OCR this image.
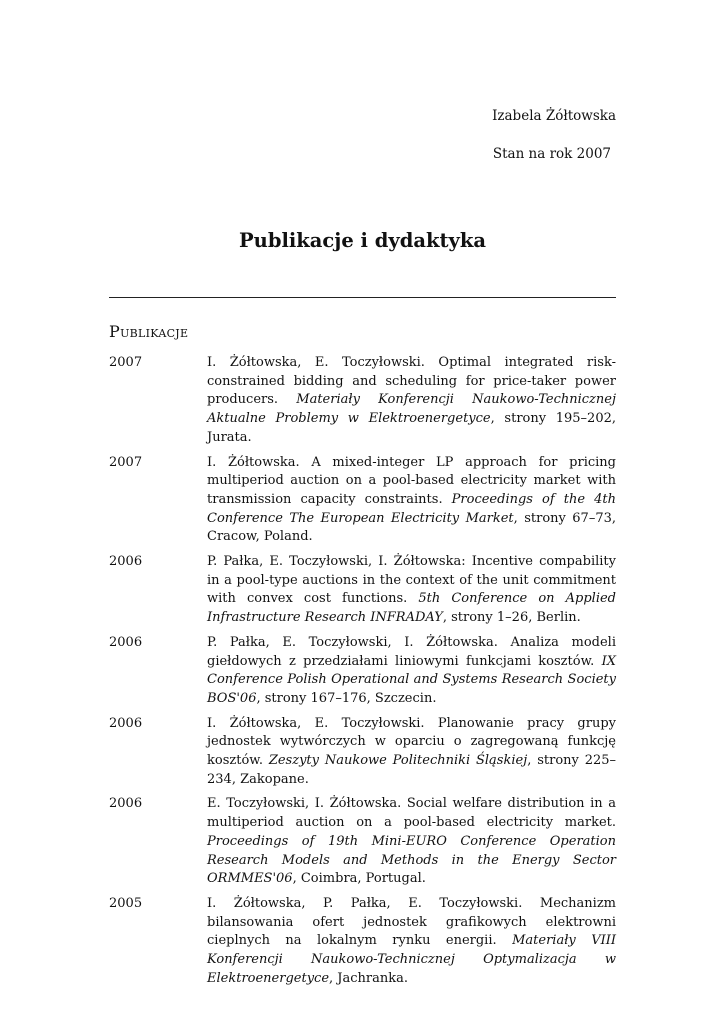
Izabela Żółtowska
Stan na rok 2007
Publikacje i dydaktyka
Publikacje
2007	I. Żółtowska, E. Toczyłowski. Optimal integrated risk-constrained bidding and scheduling for price-taker power producers. Materiały Konferencji Naukowo-Technicznej Aktualne Problemy w Elektroenergetyce, strony 195–202, Jurata.
2007	I. Żółtowska. A mixed-integer LP approach for pricing multiperiod auction on a pool-based electricity market with transmission capacity constraints. Proceedings of the 4th Conference The European Electricity Market, strony 67–73, Cracow, Poland.
2006	P. Pałka, E. Toczyłowski, I. Żółtowska: Incentive compability in a pool-type auctions in the context of the unit commitment with convex cost functions. 5th Conference on Applied Infrastructure Research INFRADAY, strony 1–26, Berlin.
2006	P. Pałka, E. Toczyłowski, I. Żółtowska. Analiza modeli giełdowych z przedziałami liniowymi funkcjami kosztów. IX Conference Polish Operational and Systems Research Society BOS'06, strony 167–176, Szczecin.
2006	I. Żółtowska, E. Toczyłowski. Planowanie pracy grupy jednostek wytwórczych w oparciu o zagregowaną funkcję kosztów. Zeszyty Naukowe Politechniki Śląskiej, strony 225–234, Zakopane.
2006	E. Toczyłowski, I. Żółtowska. Social welfare distribution in a multiperiod auction on a pool-based electricity market. Proceedings of 19th Mini-EURO Conference Operation Research Models and Methods in the Energy Sector ORMMES'06, Coimbra, Portugal.
2005	I. Żółtowska, P. Pałka, E. Toczyłowski. Mechanizm bilansowania ofert jednostek grafikowych elektrowni cieplnych na lokalnym rynku energii. Materiały VIII Konferencji Naukowo-Technicznej Optymalizacja w Elektroenergetyce, Jachranka.
